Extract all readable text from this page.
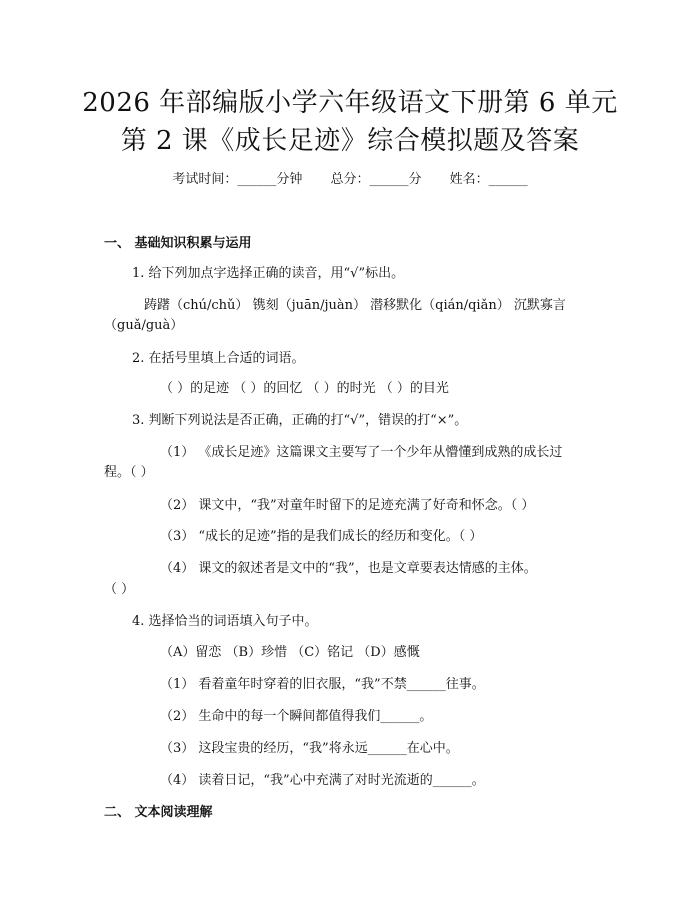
2026 年部编版小学六年级语文下册第 6 单元
第 2 课《成长足迹》综合模拟题及答案
考试时间：______分钟 总分：______分 姓名：______
一、 基础知识积累与运用
1. 给下列加点字选择正确的读音，用“√”标出。
踌躇（chú/chǔ） 镌刻（juān/juàn） 潜移默化（qián/qiǎn） 沉默寡言
（guǎ/guà）
2. 在括号里填上合适的词语。
（ ）的足迹 （ ）的回忆 （ ）的时光 （ ）的目光
3. 判断下列说法是否正确，正确的打“√”，错误的打“×”。
（1） 《成长足迹》这篇课文主要写了一个少年从懵懂到成熟的成长过
程。（ ）
（2） 课文中，“我”对童年时留下的足迹充满了好奇和怀念。（ ）
（3） “成长的足迹”指的是我们成长的经历和变化。（ ）
（4） 课文的叙述者是文中的“我”，也是文章要表达情感的主体。
（ ）
4. 选择恰当的词语填入句子中。
（A）留恋 （B）珍惜 （C）铭记 （D）感慨
（1） 看着童年时穿着的旧衣服，“我”不禁______往事。
（2） 生命中的每一个瞬间都值得我们______。
（3） 这段宝贵的经历，“我”将永远______在心中。
（4） 读着日记，“我”心中充满了对时光流逝的______。
二、 文本阅读理解
